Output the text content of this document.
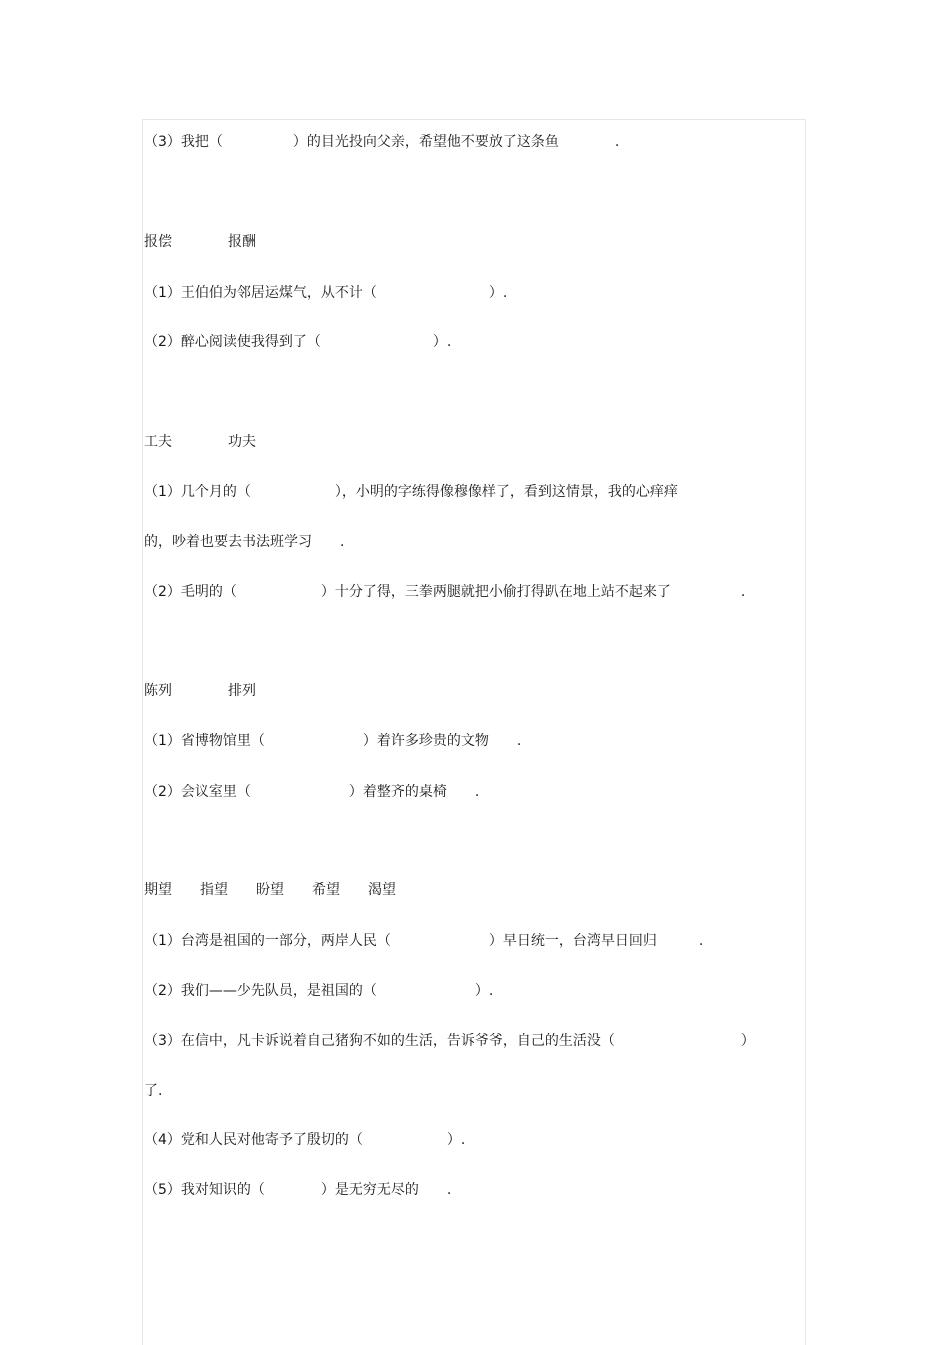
（3）我把（　　　　　）的目光投向父亲，希望他不要放了这条鱼　　　　.
报偿　　　　报酬
（1）王伯伯为邻居运煤气，从不计（　　　　　　　　）.
（2）醉心阅读使我得到了（　　　　　　　　）.
工夫　　　　功夫
（1）几个月的（　　　　　　），小明的字练得像穆像样了，看到这情景，我的心痒痒
的，吵着也要去书法班学习　　.
（2）毛明的（　　　　　　）十分了得，三拳两腿就把小偷打得趴在地上站不起来了　　　　　.
陈列　　　　排列
（1）省博物馆里（　　　　　　　）着许多珍贵的文物　　.
（2）会议室里（　　　　　　　）着整齐的桌椅　　.
期望　　指望　　盼望　　希望　　渴望
（1）台湾是祖国的一部分，两岸人民（　　　　　　　）早日统一，台湾早日回归　　　.
（2）我们——少先队员，是祖国的（　　　　　　　）.
（3）在信中，凡卡诉说着自己猪狗不如的生活，告诉爷爷，自己的生活没（　　　　　　　　　）
了.
（4）党和人民对他寄予了殷切的（　　　　　　）.
（5）我对知识的（　　　　）是无穷无尽的　　.
